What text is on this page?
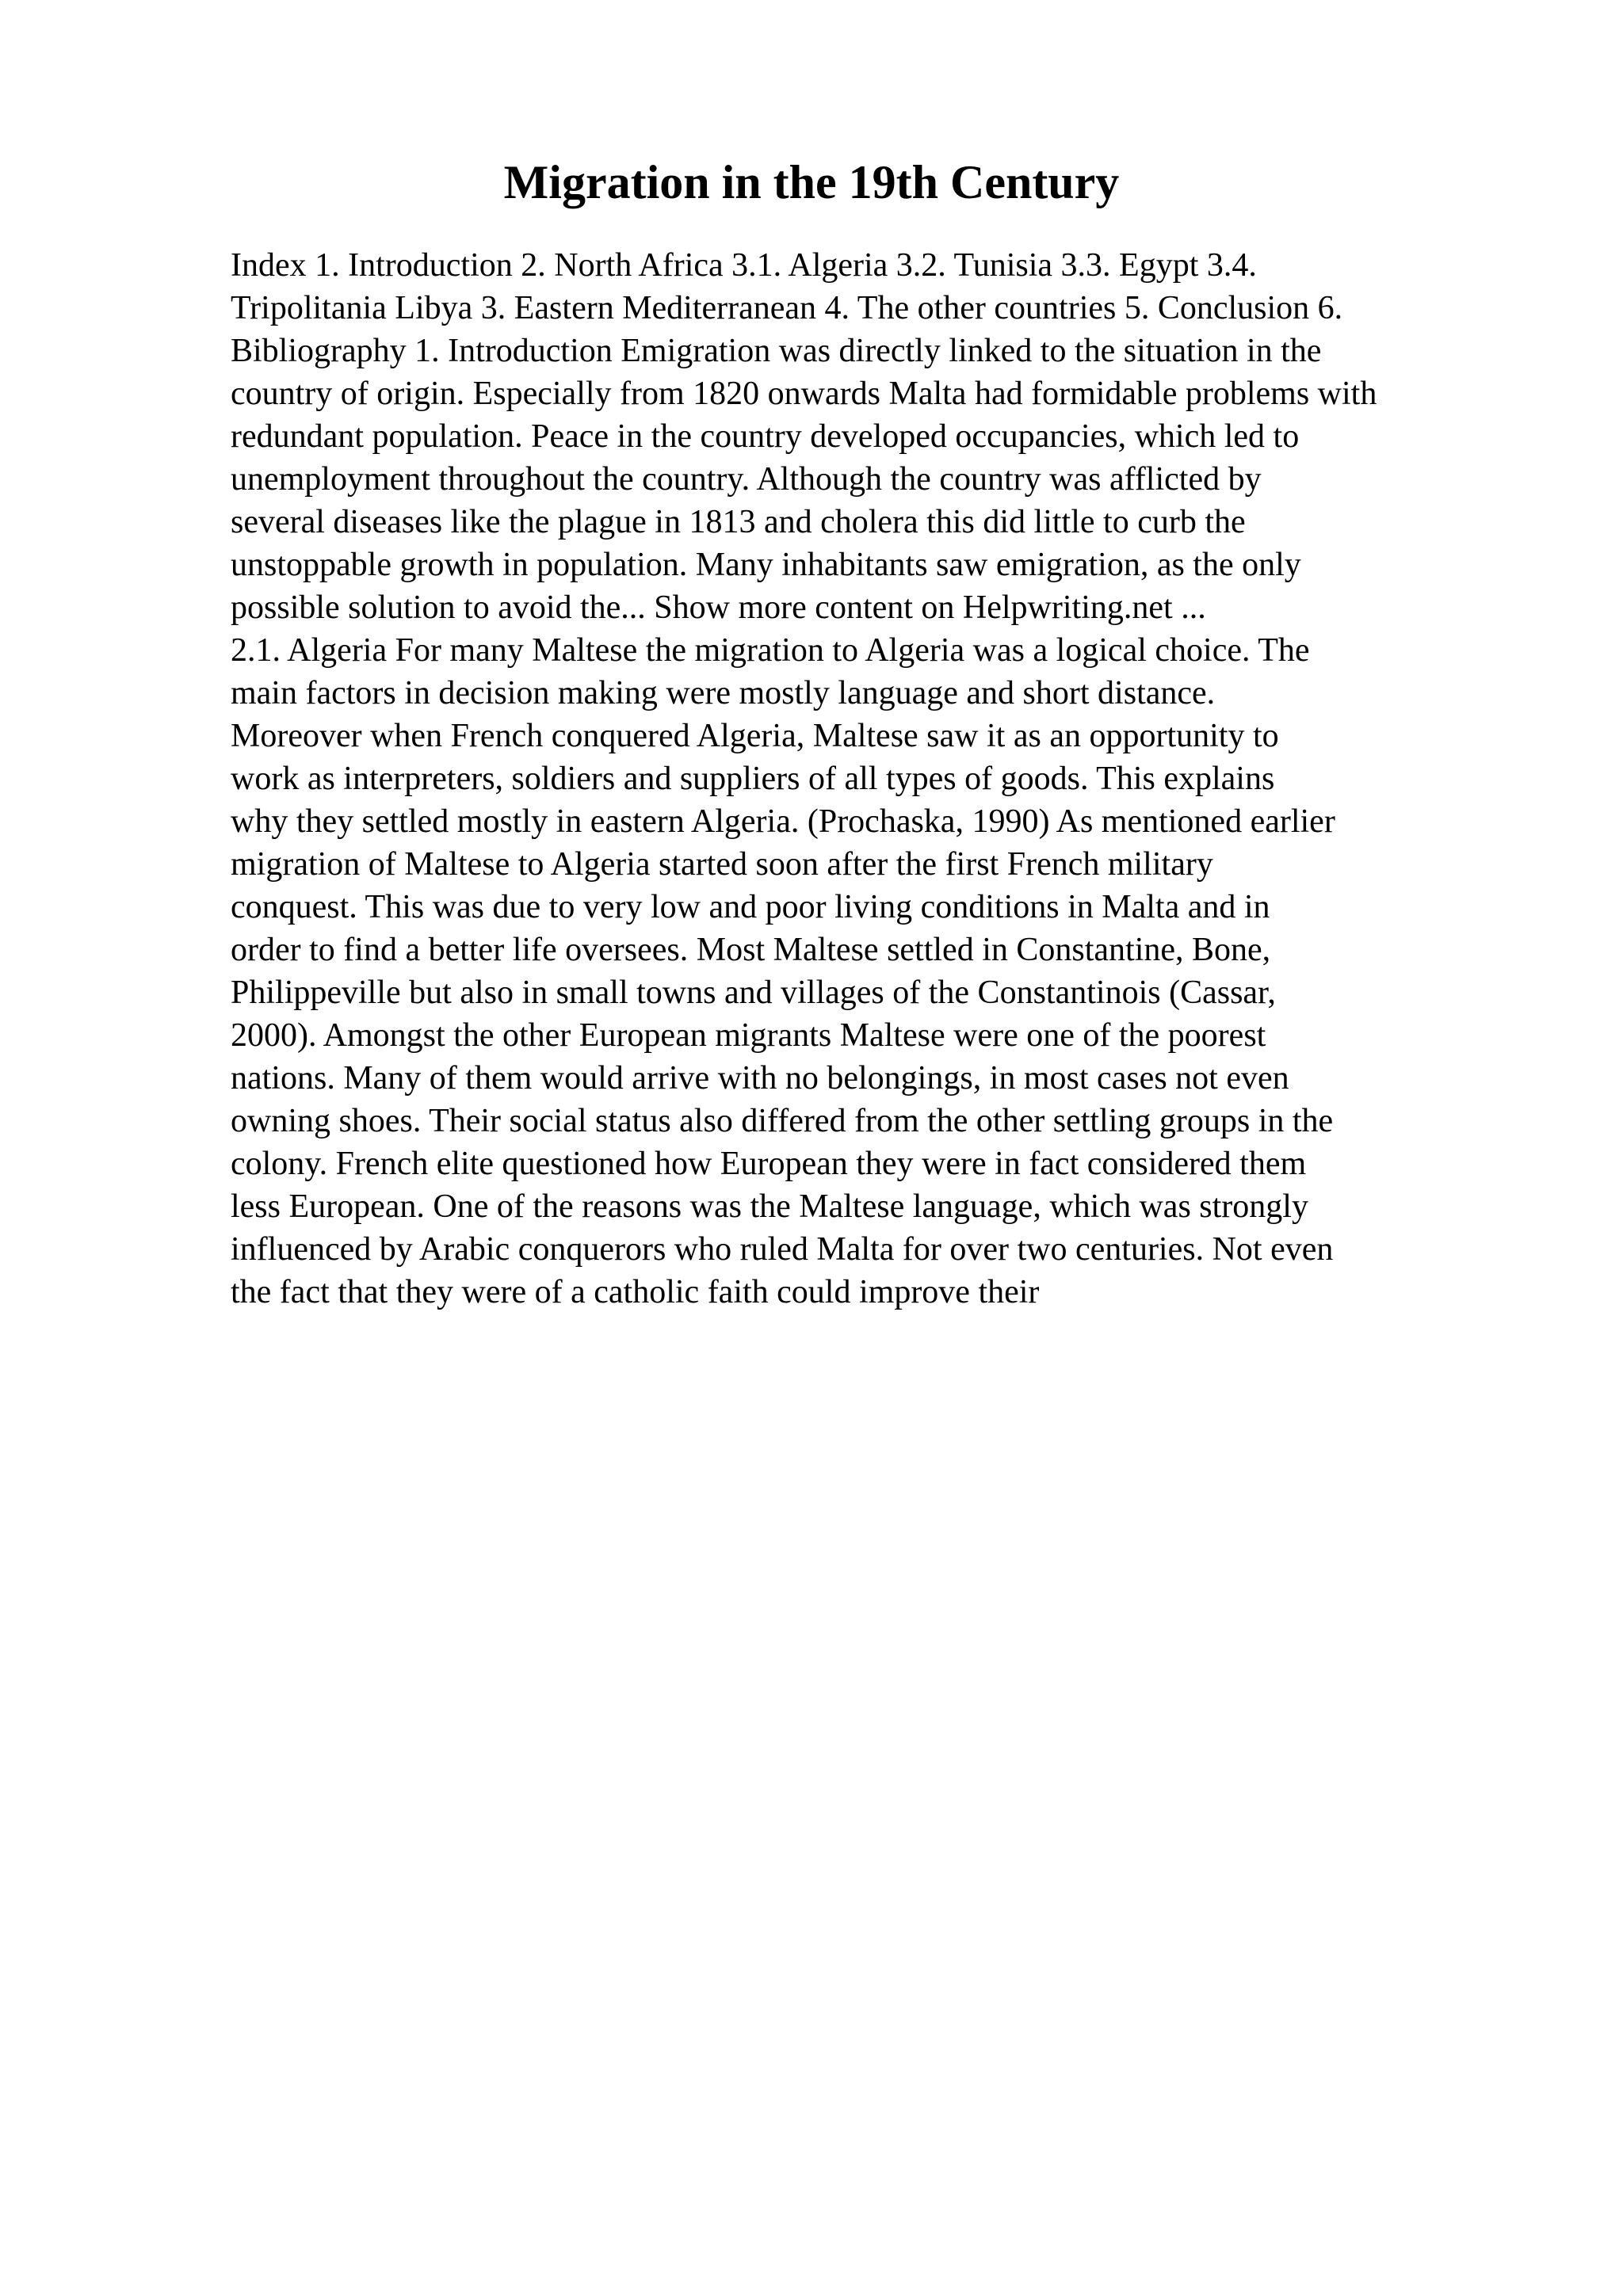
Migration in the 19th Century
Index 1. Introduction 2. North Africa 3.1. Algeria 3.2. Tunisia 3.3. Egypt 3.4.
Tripolitania Libya 3. Eastern Mediterranean 4. The other countries 5. Conclusion 6.
Bibliography 1. Introduction Emigration was directly linked to the situation in the
country of origin. Especially from 1820 onwards Malta had formidable problems with
redundant population. Peace in the country developed occupancies, which led to
unemployment throughout the country. Although the country was afflicted by
several diseases like the plague in 1813 and cholera this did little to curb the
unstoppable growth in population. Many inhabitants saw emigration, as the only
possible solution to avoid the... Show more content on Helpwriting.net ...
2.1. Algeria For many Maltese the migration to Algeria was a logical choice. The
main factors in decision making were mostly language and short distance.
Moreover when French conquered Algeria, Maltese saw it as an opportunity to
work as interpreters, soldiers and suppliers of all types of goods. This explains
why they settled mostly in eastern Algeria. (Prochaska, 1990) As mentioned earlier
migration of Maltese to Algeria started soon after the first French military
conquest. This was due to very low and poor living conditions in Malta and in
order to find a better life oversees. Most Maltese settled in Constantine, Bone,
Philippeville but also in small towns and villages of the Constantinois (Cassar,
2000). Amongst the other European migrants Maltese were one of the poorest
nations. Many of them would arrive with no belongings, in most cases not even
owning shoes. Their social status also differed from the other settling groups in the
colony. French elite questioned how European they were in fact considered them
less European. One of the reasons was the Maltese language, which was strongly
influenced by Arabic conquerors who ruled Malta for over two centuries. Not even
the fact that they were of a catholic faith could improve their
